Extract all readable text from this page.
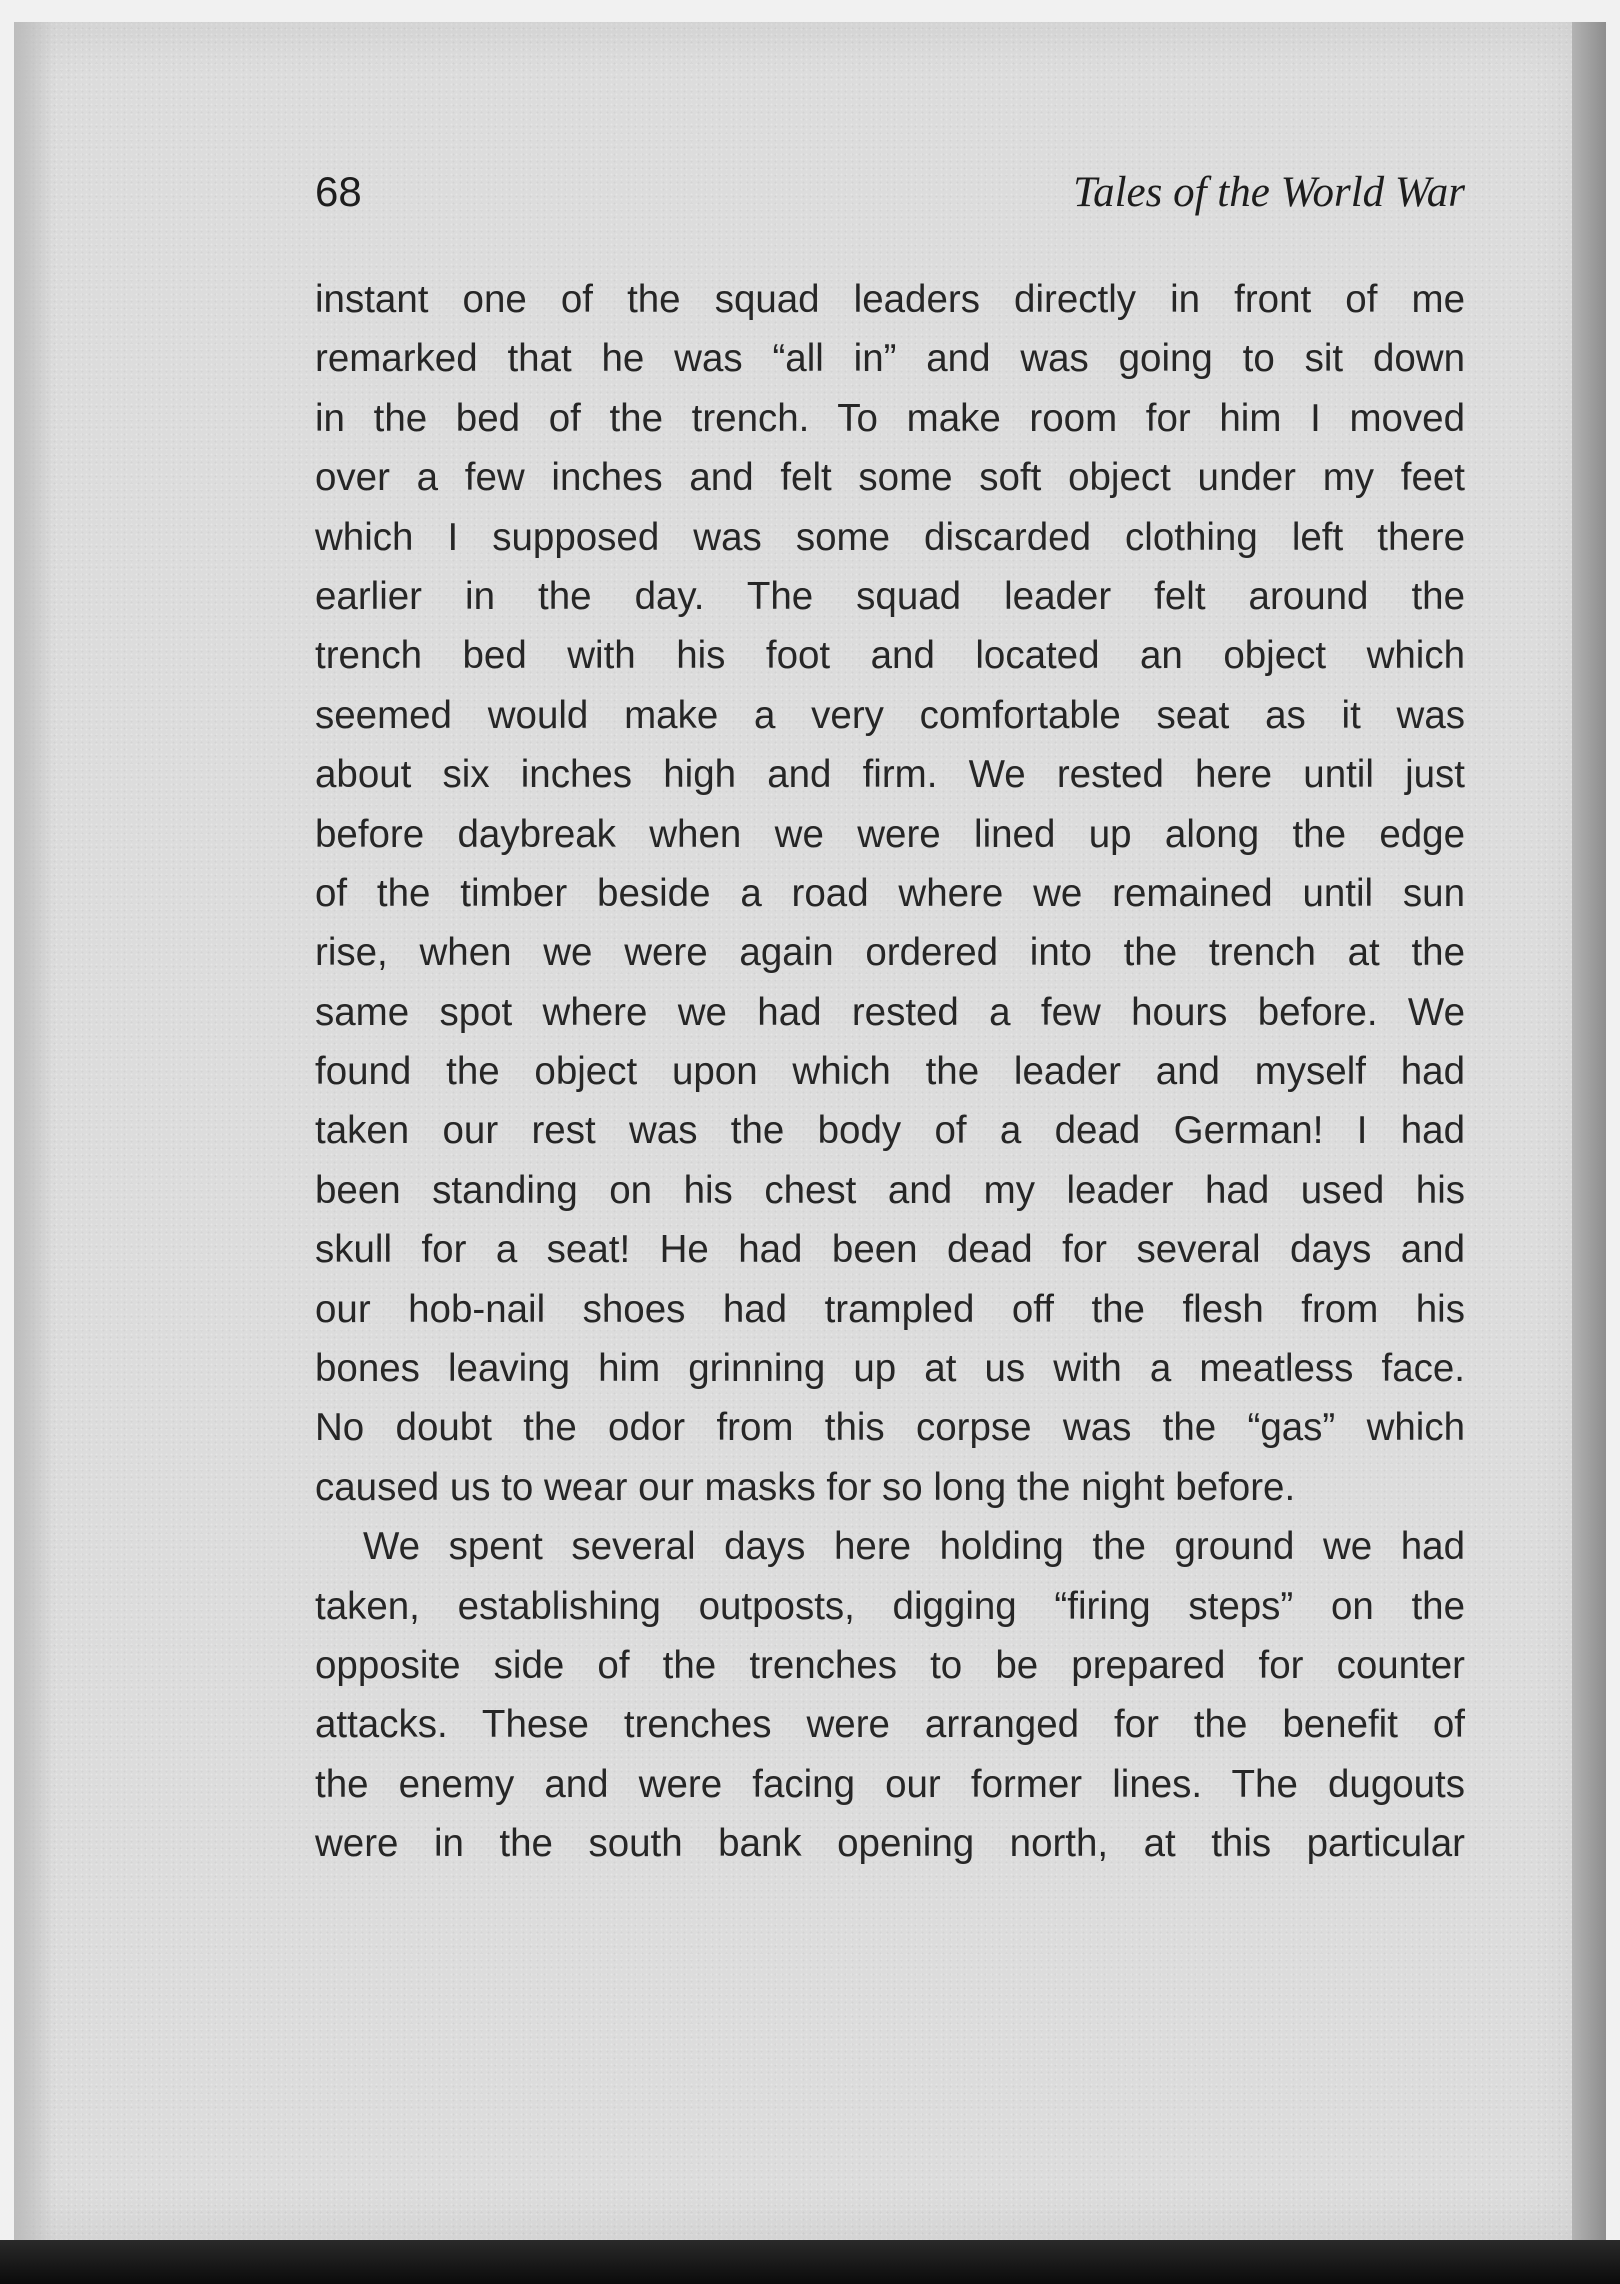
68	Tales of the World War
instant one of the squad leaders directly in front of me
remarked that he was “all in” and was going to sit down
in the bed of the trench. To make room for him I moved
over a few inches and felt some soft object under my feet
which I supposed was some discarded clothing left there
earlier in the day. The squad leader felt around the
trench bed with his foot and located an object which
seemed would make a very comfortable seat as it was
about six inches high and firm. We rested here until just
before daybreak when we were lined up along the edge
of the timber beside a road where we remained until sun
rise, when we were again ordered into the trench at the
same spot where we had rested a few hours before. We
found the object upon which the leader and myself had
taken our rest was the body of a dead German! I had
been standing on his chest and my leader had used his
skull for a seat! He had been dead for several days and
our hob-nail shoes had trampled off the flesh from his
bones leaving him grinning up at us with a meatless face.
No doubt the odor from this corpse was the “gas” which
caused us to wear our masks for so long the night before.
We spent several days here holding the ground we had
taken, establishing outposts, digging “firing steps” on the
opposite side of the trenches to be prepared for counter
attacks. These trenches were arranged for the benefit of
the enemy and were facing our former lines. The dugouts
were in the south bank opening north, at this particular
